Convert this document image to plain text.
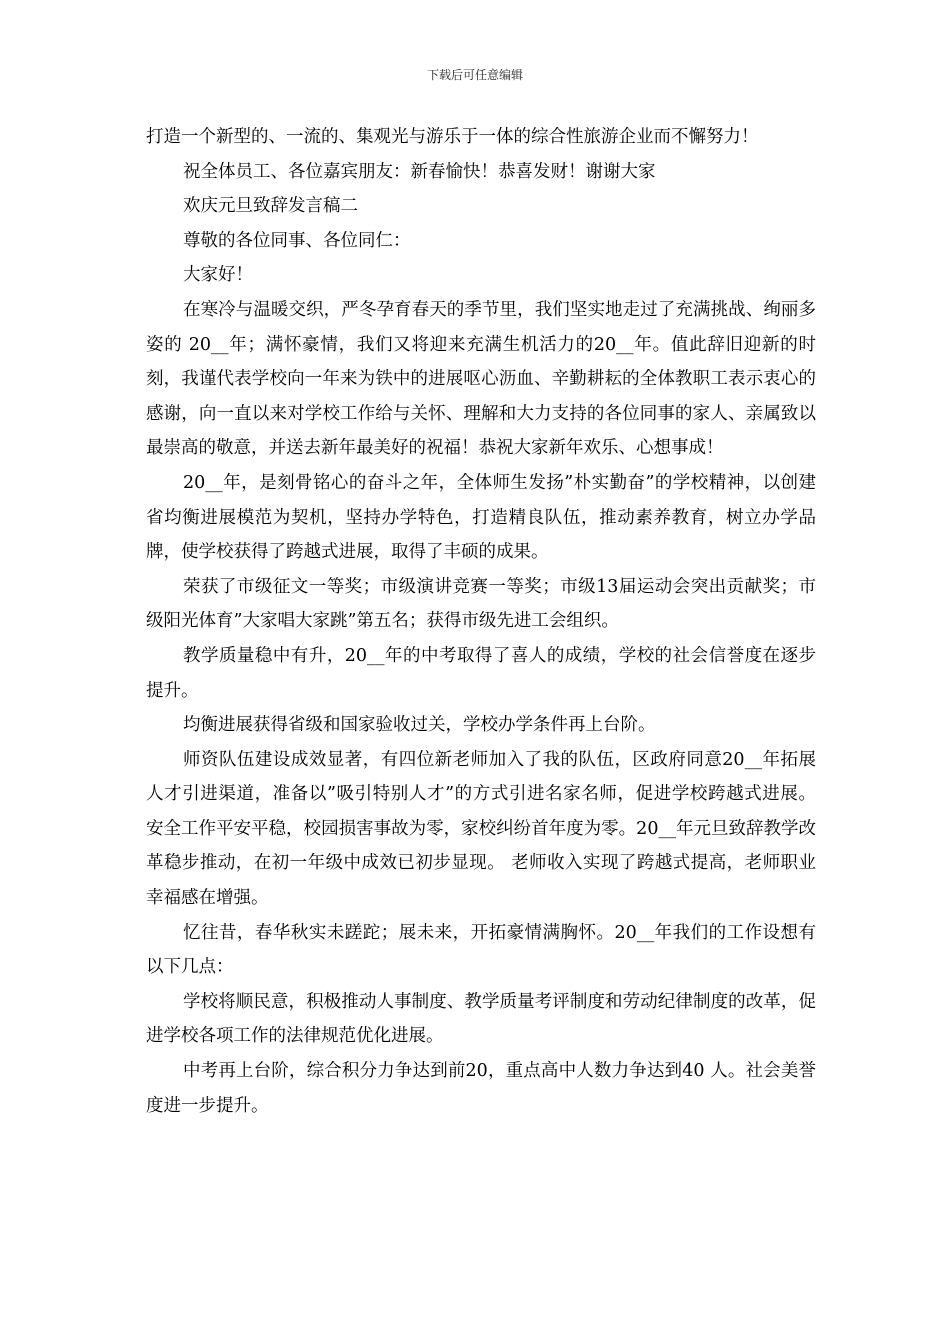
下载后可任意编辑

打造一个新型的、一流的、集观光与游乐于一体的综合性旅游企业而不懈努力！

祝全体员工、各位嘉宾朋友：新春愉快！恭喜发财！谢谢大家

欢庆元旦致辞发言稿二

尊敬的各位同事、各位同仁：

大家好！

在寒冷与温暖交织，严冬孕育春天的季节里，我们坚实地走过了充满挑战、绚丽多姿的 20__年；满怀豪情，我们又将迎来充满生机活力的20__年。值此辞旧迎新的时刻，我谨代表学校向一年来为铁中的进展呕心沥血、辛勤耕耘的全体教职工表示衷心的感谢，向一直以来对学校工作给与关怀、理解和大力支持的各位同事的家人、亲属致以最崇高的敬意，并送去新年最美好的祝福！恭祝大家新年欢乐、心想事成！

20__年，是刻骨铭心的奋斗之年，全体师生发扬”朴实勤奋”的学校精神，以创建省均衡进展模范为契机，坚持办学特色，打造精良队伍，推动素养教育，树立办学品牌，使学校获得了跨越式进展，取得了丰硕的成果。

荣获了市级征文一等奖；市级演讲竞赛一等奖；市级13届运动会突出贡献奖；市级阳光体育”大家唱大家跳”第五名；获得市级先进工会组织。

教学质量稳中有升，20__年的中考取得了喜人的成绩，学校的社会信誉度在逐步提升。

均衡进展获得省级和国家验收过关，学校办学条件再上台阶。

师资队伍建设成效显著，有四位新老师加入了我的队伍，区政府同意20__年拓展人才引进渠道，准备以”吸引特别人才”的方式引进名家名师，促进学校跨越式进展。 安全工作平安平稳，校园损害事故为零，家校纠纷首年度为零。20__年元旦致辞教学改革稳步推动，在初一年级中成效已初步显现。 老师收入实现了跨越式提高，老师职业幸福感在增强。

忆往昔，春华秋实未蹉跎；展未来，开拓豪情满胸怀。20__年我们的工作设想有以下几点：

学校将顺民意，积极推动人事制度、教学质量考评制度和劳动纪律制度的改革，促进学校各项工作的法律规范优化进展。

中考再上台阶，综合积分力争达到前20，重点高中人数力争达到40 人。社会美誉度进一步提升。
